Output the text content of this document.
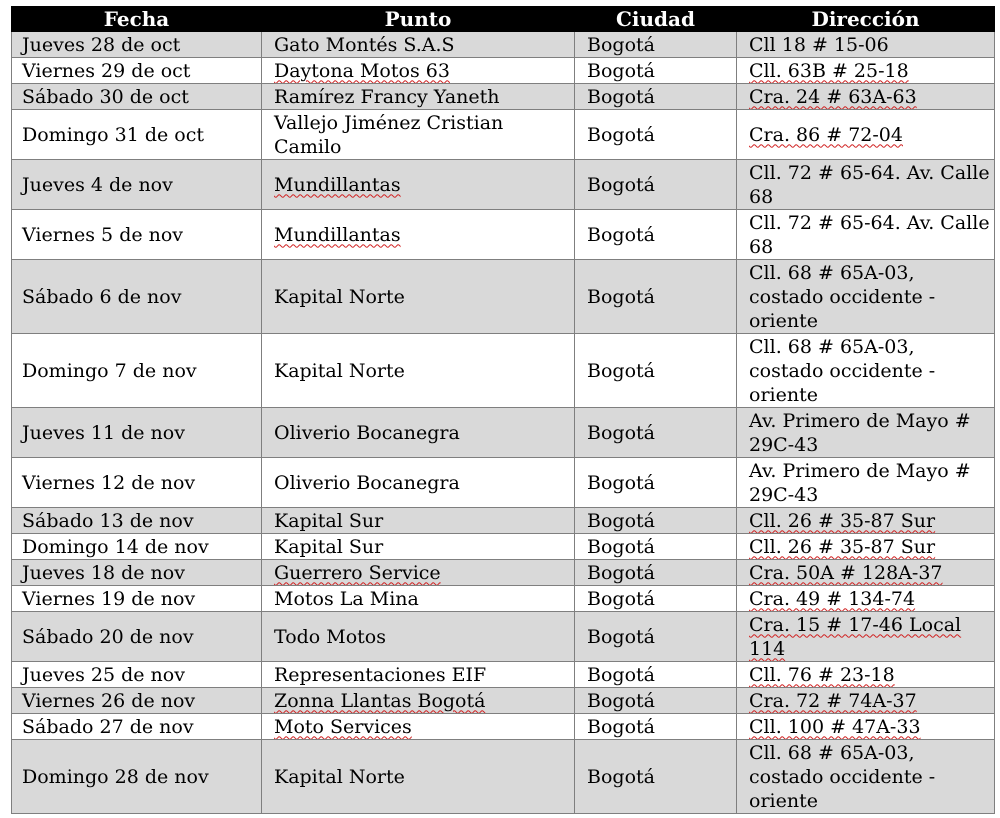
Fecha	Punto	Ciudad	Dirección
Jueves 28 de oct	Gato Montés S.A.S	Bogotá	Cll 18 # 15-06
Viernes 29 de oct	Daytona Motos 63	Bogotá	Cll. 63B # 25-18
Sábado 30 de oct	Ramírez Francy Yaneth	Bogotá	Cra. 24 # 63A-63
Domingo 31 de oct	Vallejo Jiménez Cristian Camilo	Bogotá	Cra. 86 # 72-04
Jueves 4 de nov	Mundillantas	Bogotá	Cll. 72 # 65-64. Av. Calle 68
Viernes 5 de nov	Mundillantas	Bogotá	Cll. 72 # 65-64. Av. Calle 68
Sábado 6 de nov	Kapital Norte	Bogotá	Cll. 68 # 65A-03, costado occidente - oriente
Domingo 7 de nov	Kapital Norte	Bogotá	Cll. 68 # 65A-03, costado occidente - oriente
Jueves 11 de nov	Oliverio Bocanegra	Bogotá	Av. Primero de Mayo # 29C-43
Viernes 12 de nov	Oliverio Bocanegra	Bogotá	Av. Primero de Mayo # 29C-43
Sábado 13 de nov	Kapital Sur	Bogotá	Cll. 26 # 35-87 Sur
Domingo 14 de nov	Kapital Sur	Bogotá	Cll. 26 # 35-87 Sur
Jueves 18 de nov	Guerrero Service	Bogotá	Cra. 50A # 128A-37
Viernes 19 de nov	Motos La Mina	Bogotá	Cra. 49 # 134-74
Sábado 20 de nov	Todo Motos	Bogotá	Cra. 15 # 17-46 Local 114
Jueves 25 de nov	Representaciones EIF	Bogotá	Cll. 76 # 23-18
Viernes 26 de nov	Zonna Llantas Bogotá	Bogotá	Cra. 72 # 74A-37
Sábado 27 de nov	Moto Services	Bogotá	Cll. 100 # 47A-33
Domingo 28 de nov	Kapital Norte	Bogotá	Cll. 68 # 65A-03, costado occidente - oriente
